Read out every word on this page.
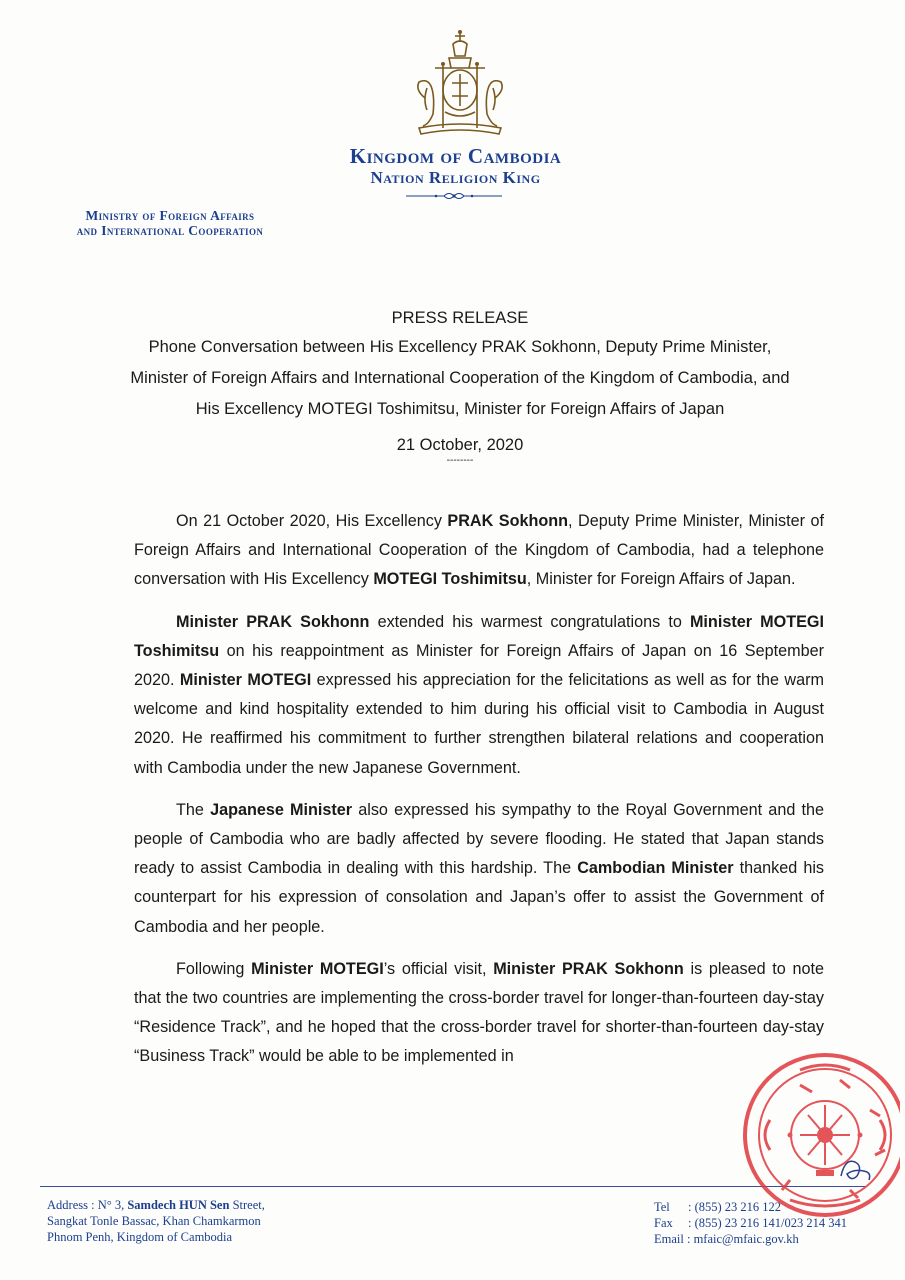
Kingdom of Cambodia
Nation Religion King
Ministry of Foreign Affairs
and International Cooperation
PRESS RELEASE
Phone Conversation between His Excellency PRAK Sokhonn, Deputy Prime Minister,
Minister of Foreign Affairs and International Cooperation of the Kingdom of Cambodia, and
His Excellency MOTEGI Toshimitsu, Minister for Foreign Affairs of Japan
21 October, 2020
--------

On 21 October 2020, His Excellency PRAK Sokhonn, Deputy Prime Minister, Minister of Foreign Affairs and International Cooperation of the Kingdom of Cambodia, had a telephone conversation with His Excellency MOTEGI Toshimitsu, Minister for Foreign Affairs of Japan.

Minister PRAK Sokhonn extended his warmest congratulations to Minister MOTEGI Toshimitsu on his reappointment as Minister for Foreign Affairs of Japan on 16 September 2020. Minister MOTEGI expressed his appreciation for the felicitations as well as for the warm welcome and kind hospitality extended to him during his official visit to Cambodia in August 2020. He reaffirmed his commitment to further strengthen bilateral relations and cooperation with Cambodia under the new Japanese Government.

The Japanese Minister also expressed his sympathy to the Royal Government and the people of Cambodia who are badly affected by severe flooding. He stated that Japan stands ready to assist Cambodia in dealing with this hardship. The Cambodian Minister thanked his counterpart for his expression of consolation and Japan’s offer to assist the Government of Cambodia and her people.

Following Minister MOTEGI’s official visit, Minister PRAK Sokhonn is pleased to note that the two countries are implementing the cross-border travel for longer-than-fourteen day-stay “Residence Track”, and he hoped that the cross-border travel for shorter-than-fourteen day-stay “Business Track” would be able to be implemented in

Address : N° 3, Samdech HUN Sen Street,
Sangkat Tonle Bassac, Khan Chamkarmon
Phnom Penh, Kingdom of Cambodia
Tel : (855) 23 216 122
Fax : (855) 23 216 141/023 214 341
Email : mfaic@mfaic.gov.kh
